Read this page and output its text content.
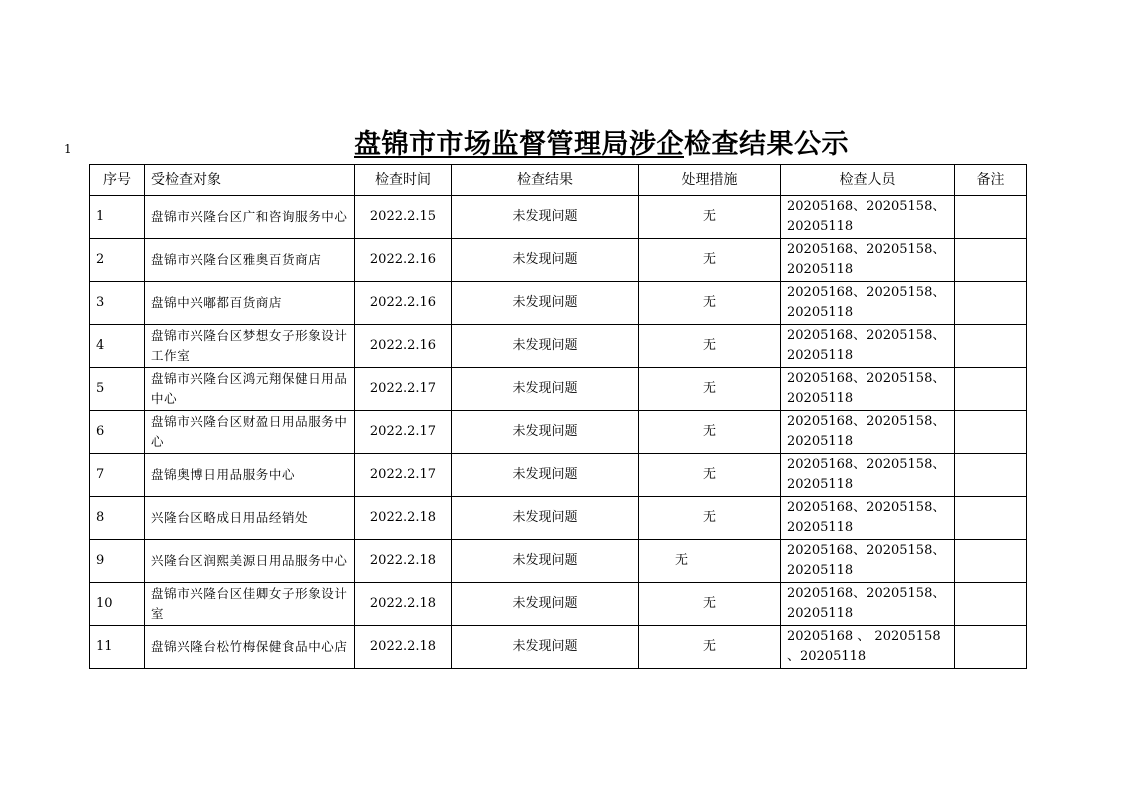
1	盘锦市市场监督管理局涉企检查结果公示
序号	受检查对象	检查时间	检查结果	处理措施	检查人员	备注
1	盘锦市兴隆台区广和咨询服务中心	2022.2.15	未发现问题	无	20205168、20205158、20205118	
2	盘锦市兴隆台区雅奥百货商店	2022.2.16	未发现问题	无	20205168、20205158、20205118	
3	盘锦中兴嘟都百货商店	2022.2.16	未发现问题	无	20205168、20205158、20205118	
4	盘锦市兴隆台区梦想女子形象设计工作室	2022.2.16	未发现问题	无	20205168、20205158、20205118	
5	盘锦市兴隆台区鸿元翔保健日用品中心	2022.2.17	未发现问题	无	20205168、20205158、20205118	
6	盘锦市兴隆台区财盈日用品服务中心	2022.2.17	未发现问题	无	20205168、20205158、20205118	
7	盘锦奥博日用品服务中心	2022.2.17	未发现问题	无	20205168、20205158、20205118	
8	兴隆台区略成日用品经销处	2022.2.18	未发现问题	无	20205168、20205158、20205118	
9	兴隆台区润熙美源日用品服务中心	2022.2.18	未发现问题	无	20205168、20205158、20205118	
10	盘锦市兴隆台区佳卿女子形象设计室	2022.2.18	未发现问题	无	20205168、20205158、20205118	
11	盘锦兴隆台松竹梅保健食品中心店	2022.2.18	未发现问题	无	20205168 、 20205158 、20205118	
